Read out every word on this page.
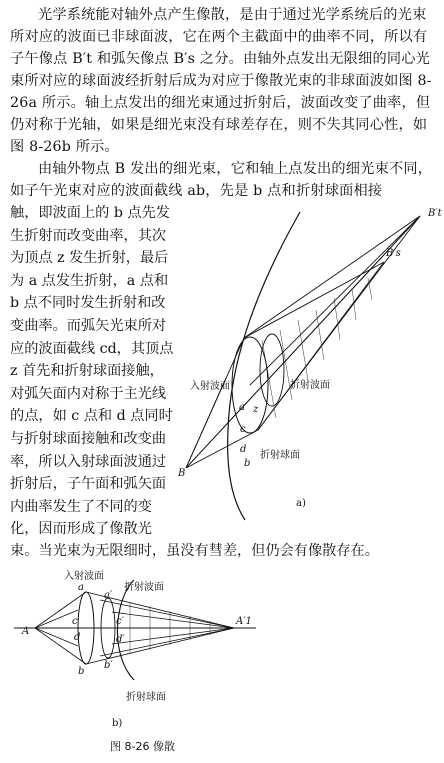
光学系统能对轴外点产生像散，是由于通过光学系统后的光束所对应的波面已非球面波，它在两个主截面中的曲率不同，所以有子午像点 B′t 和弧矢像点 B′s 之分。由轴外点发出无限细的同心光束所对应的球面波经折射后成为对应于像散光束的非球面波如图 8-26a 所示。轴上点发出的细光束通过折射后，波面改变了曲率，但仍对称于光轴，如果是细光束没有球差存在，则不失其同心性，如图 8-26b 所示。
由轴外物点 B 发出的细光束，它和轴上点发出的细光束不同，如子午光束对应的波面截线 ab，先是 b 点和折射球面相接
触，即波面上的 b 点先发
生折射而改变曲率，其次
为顶点 z 发生折射，最后
为 a 点发生折射，a 点和
b 点不同时发生折射和改
变曲率。而弧矢光束所对
应的波面截线 cd，其顶点
z 首先和折射球面接触，
对弧矢面内对称于主光线
的点，如 c 点和 d 点同时
与折射球面接触和改变曲
率，所以入射球面波通过
折射后，子午面和弧矢面
内曲率发生了不同的变
化，因而形成了像散光
束。当光束为无限细时，虽没有彗差，但仍会有像散存在。
B′t
B′s
B
a
c
z
d
b
入射波面	折射波面
折射球面
a)
A
A′1
a
b
c
d
a′
b′
c′
d′
入射波面
折射波面
折射球面
b)
图 8-26 像散
